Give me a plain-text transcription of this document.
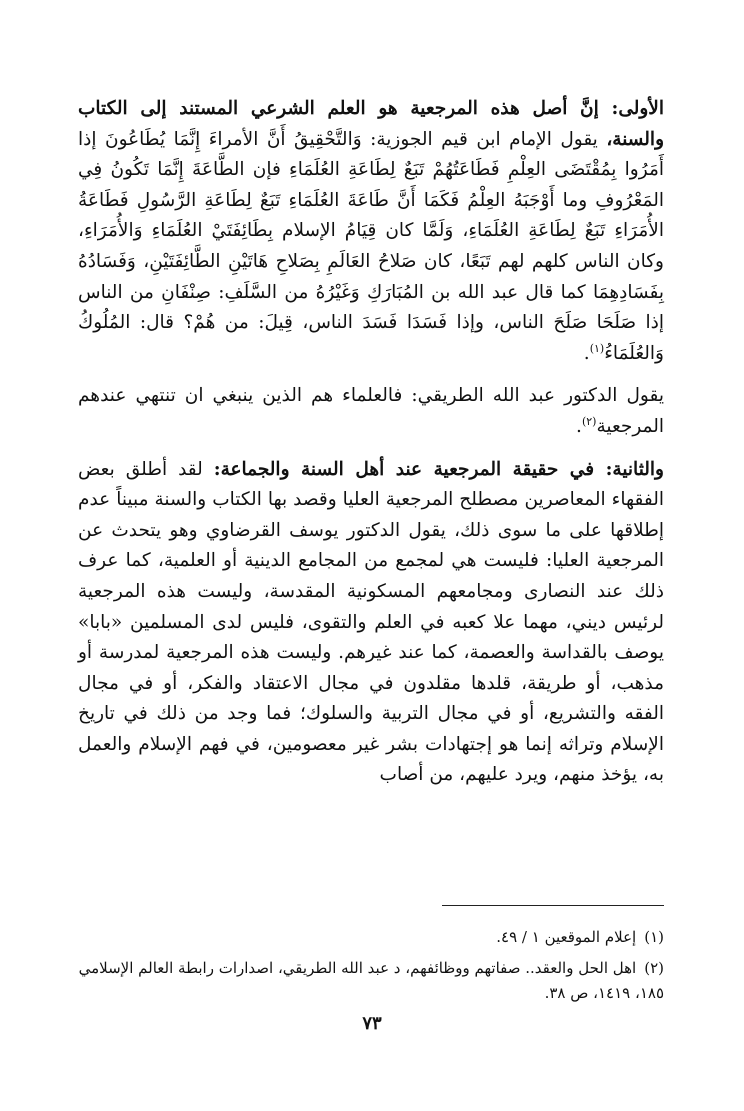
الأولى: إنَّ أصل هذه المرجعية هو العلم الشرعي المستند إلى الكتاب والسنة، يقول الإمام ابن قيم الجوزية: وَالتَّحْقِيقُ أَنَّ الأمراءَ إِنَّمَا يُطَاعُونَ إذا أَمَرُوا بِمُقْتَضَى العِلْمِ فَطَاعَتُهُمْ تَبَعٌ لِطَاعَةِ العُلَمَاءِ فإن الطَّاعَةَ إِنَّمَا تَكُونُ فِي المَعْرُوفِ وما أَوْجَبَهُ العِلْمُ فَكَمَا أَنَّ طَاعَةَ العُلَمَاءِ تَبَعٌ لِطَاعَةِ الرَّسُولِ فَطَاعَةُ الأُمَرَاءِ تَبَعٌ لِطَاعَةِ العُلَمَاءِ، وَلَمَّا كان قِيَامُ الإسلام بِطَائِفَتَيْ العُلَمَاءِ وَالأُمَرَاءِ، وكان الناس كلهم لهم تَبَعًا، كان صَلاحُ العَالَمِ بِصَلاحِ هَاتَيْنِ الطَّائِفَتَيْنِ، وَفَسَادُهُ بِفَسَادِهِمَا كما قال عبد الله بن المُبَارَكِ وَغَيْرُهُ من السَّلَفِ: صِنْفَانِ من الناس إذا صَلَحَا صَلَحَ الناس، وإذا فَسَدَا فَسَدَ الناس، قِيلَ: من هُمْ؟ قال: المُلُوكُ وَالعُلَمَاءُ$^{(١)}$.

يقول الدكتور عبد الله الطريقي: فالعلماء هم الذين ينبغي ان تنتهي عندهم المرجعية$^{(٢)}$.

والثانية: في حقيقة المرجعية عند أهل السنة والجماعة: لقد أطلق بعض الفقهاء المعاصرين مصطلح المرجعية العليا وقصد بها الكتاب والسنة مبيناً عدم إطلاقها على ما سوى ذلك، يقول الدكتور يوسف القرضاوي وهو يتحدث عن المرجعية العليا: فليست هي لمجمع من المجامع الدينية أو العلمية، كما عرف ذلك عند النصارى ومجامعهم المسكونية المقدسة، وليست هذه المرجعية لرئيس ديني، مهما علا كعبه في العلم والتقوى، فليس لدى المسلمين «بابا» يوصف بالقداسة والعصمة، كما عند غيرهم. وليست هذه المرجعية لمدرسة أو مذهب، أو طريقة، قلدها مقلدون في مجال الاعتقاد والفكر، أو في مجال الفقه والتشريع، أو في مجال التربية والسلوك؛ فما وجد من ذلك في تاريخ الإسلام وتراثه إنما هو إجتهادات بشر غير معصومين، في فهم الإسلام والعمل به، يؤخذ منهم، ويرد عليهم، من أصاب

(١)إعلام الموقعين ١ / ٤٩.

(٢)اهل الحل والعقد.. صفاتهم ووظائفهم، د عبد الله الطريقي، اصدارات رابطة العالم الإسلامي ١٨٥، ١٤١٩، ص ٣٨.

٧٣
